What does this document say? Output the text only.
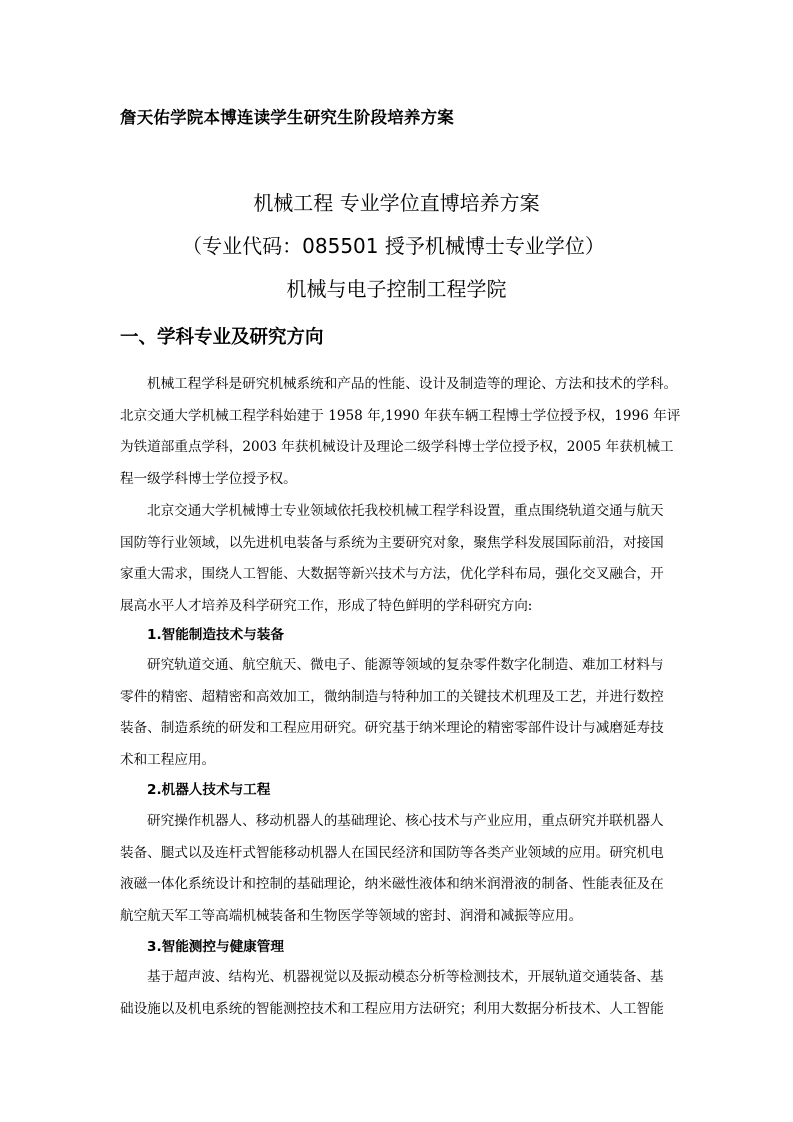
詹天佑学院本博连读学生研究生阶段培养方案
机械工程 专业学位直博培养方案
（专业代码：085501 授予机械博士专业学位）
机械与电子控制工程学院
一、学科专业及研究方向
机械工程学科是研究机械系统和产品的性能、设计及制造等的理论、方法和技术的学科。
北京交通大学机械工程学科始建于 1958 年,1990 年获车辆工程博士学位授予权，1996 年评
为铁道部重点学科，2003 年获机械设计及理论二级学科博士学位授予权，2005 年获机械工
程一级学科博士学位授予权。
北京交通大学机械博士专业领域依托我校机械工程学科设置，重点围绕轨道交通与航天
国防等行业领域，以先进机电装备与系统为主要研究对象，聚焦学科发展国际前沿，对接国
家重大需求，围绕人工智能、大数据等新兴技术与方法，优化学科布局，强化交叉融合，开
展高水平人才培养及科学研究工作，形成了特色鲜明的学科研究方向:
1.智能制造技术与装备
研究轨道交通、航空航天、微电子、能源等领域的复杂零件数字化制造、难加工材料与
零件的精密、超精密和高效加工，微纳制造与特种加工的关键技术机理及工艺，并进行数控
装备、制造系统的研发和工程应用研究。研究基于纳米理论的精密零部件设计与减磨延寿技
术和工程应用。
2.机器人技术与工程
研究操作机器人、移动机器人的基础理论、核心技术与产业应用，重点研究并联机器人
装备、腿式以及连杆式智能移动机器人在国民经济和国防等各类产业领域的应用。研究机电
液磁一体化系统设计和控制的基础理论，纳米磁性液体和纳米润滑液的制备、性能表征及在
航空航天军工等高端机械装备和生物医学等领域的密封、润滑和减振等应用。
3.智能测控与健康管理
基于超声波、结构光、机器视觉以及振动模态分析等检测技术，开展轨道交通装备、基
础设施以及机电系统的智能测控技术和工程应用方法研究；利用大数据分析技术、人工智能
